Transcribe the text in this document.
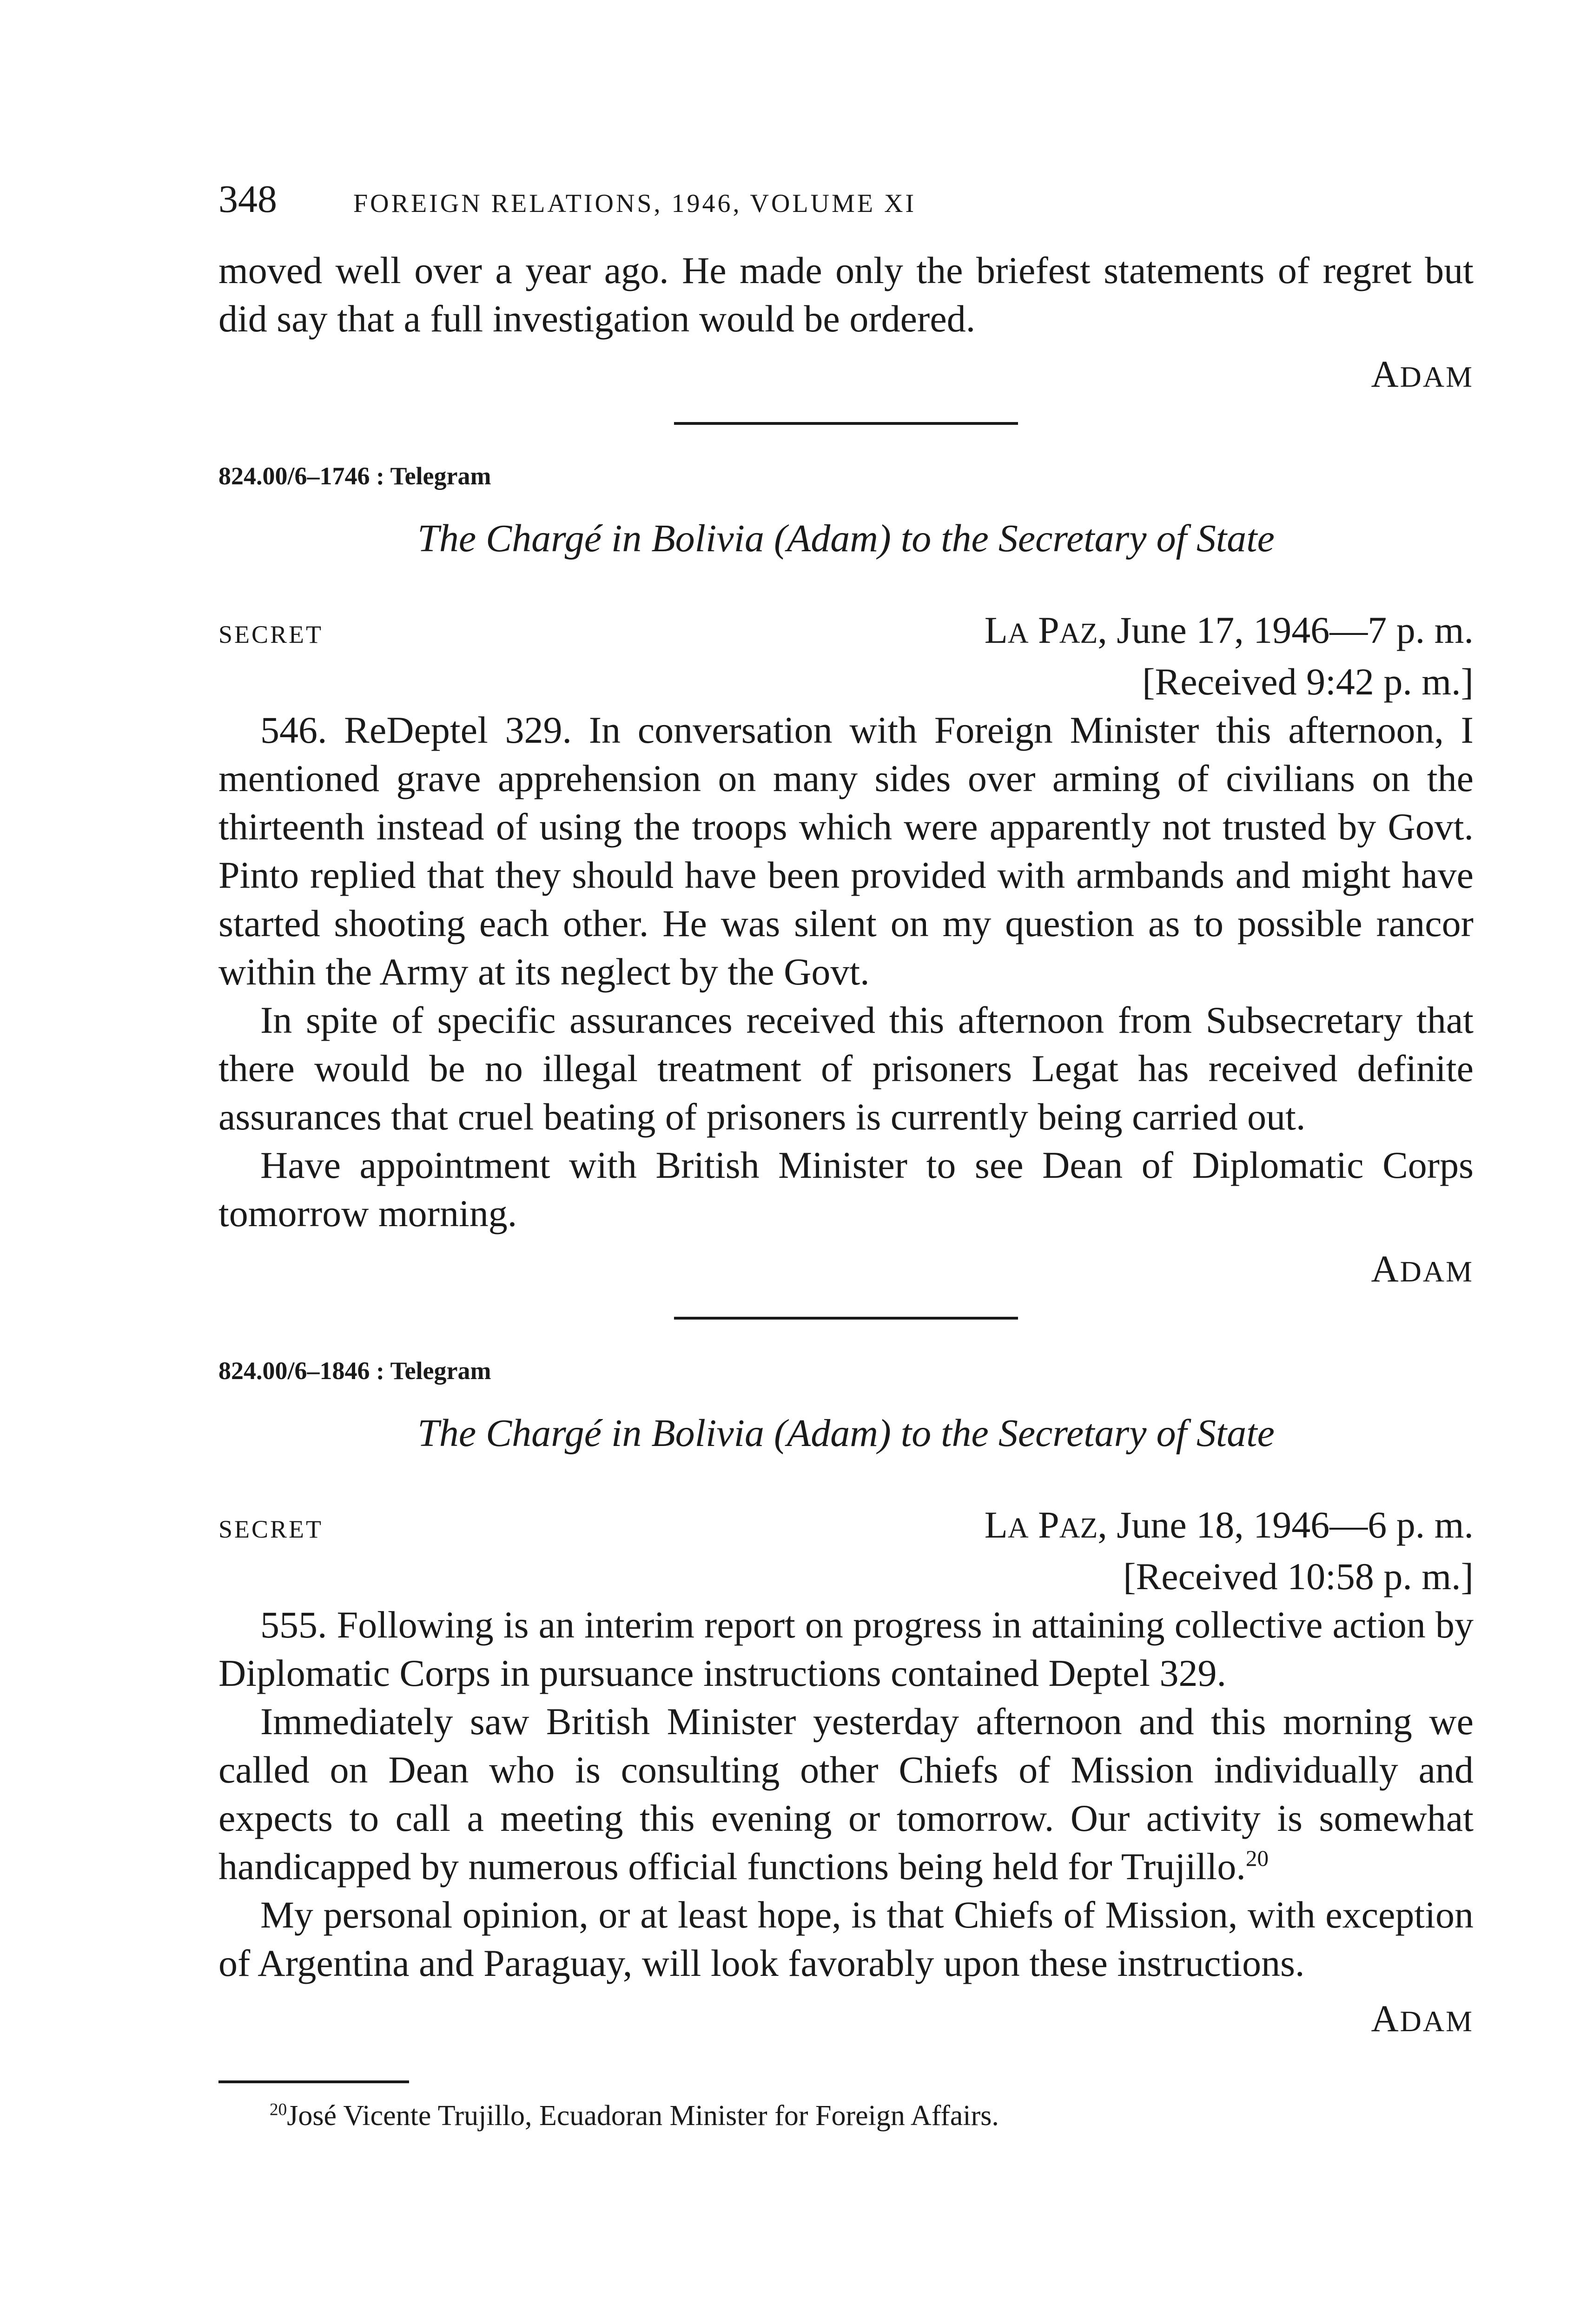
348	FOREIGN RELATIONS, 1946, VOLUME XI

moved well over a year ago. He made only the briefest statements of regret but did say that a full investigation would be ordered.

ADAM
824.00/6–1746 : Telegram
The Chargé in Bolivia (Adam) to the Secretary of State
SECRET	LA PAZ, June 17, 1946—7 p. m.
[Received 9:42 p. m.]

546. ReDeptel 329. In conversation with Foreign Minister this afternoon, I mentioned grave apprehension on many sides over arming of civilians on the thirteenth instead of using the troops which were apparently not trusted by Govt. Pinto replied that they should have been provided with armbands and might have started shooting each other. He was silent on my question as to possible rancor within the Army at its neglect by the Govt.

In spite of specific assurances received this afternoon from Subsecretary that there would be no illegal treatment of prisoners Legat has received definite assurances that cruel beating of prisoners is currently being carried out.

Have appointment with British Minister to see Dean of Diplomatic Corps tomorrow morning.

ADAM
824.00/6–1846 : Telegram
The Chargé in Bolivia (Adam) to the Secretary of State
SECRET	LA PAZ, June 18, 1946—6 p. m.
[Received 10:58 p. m.]

555. Following is an interim report on progress in attaining collective action by Diplomatic Corps in pursuance instructions contained Deptel 329.

Immediately saw British Minister yesterday afternoon and this morning we called on Dean who is consulting other Chiefs of Mission individually and expects to call a meeting this evening or tomorrow. Our activity is somewhat handicapped by numerous official functions being held for Trujillo.$^{20}$

My personal opinion, or at least hope, is that Chiefs of Mission, with exception of Argentina and Paraguay, will look favorably upon these instructions.

ADAM
$^{20}$José Vicente Trujillo, Ecuadoran Minister for Foreign Affairs.
